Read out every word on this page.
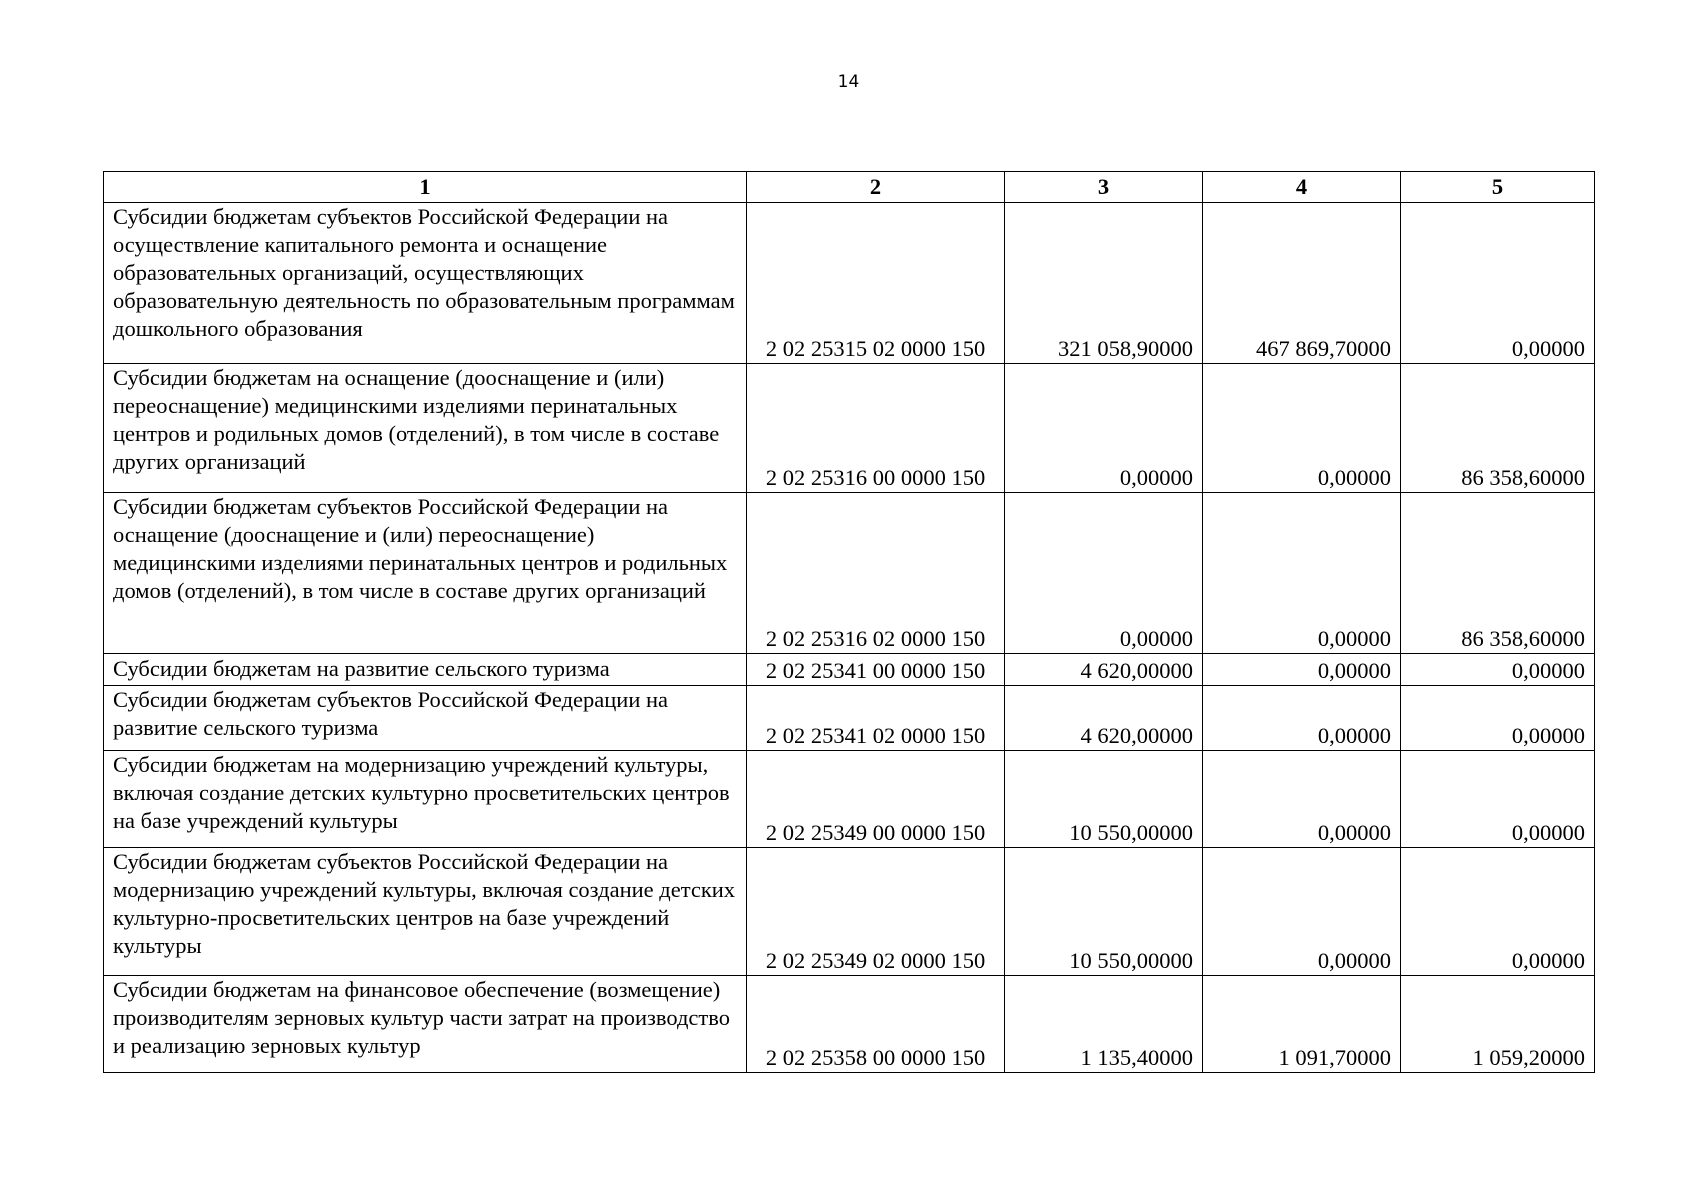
14
1	2	3	4	5
Субсидии бюджетам субъектов Российской Федерации на осуществление капитального ремонта и оснащение образовательных организаций, осуществляющих образовательную деятельность по образовательным программам дошкольного образования	2 02 25315 02 0000 150	321 058,90000	467 869,70000	0,00000
Субсидии бюджетам на оснащение (дооснащение и (или) переоснащение) медицинскими изделиями перинатальных центров и родильных домов (отделений), в том числе в составе других организаций	2 02 25316 00 0000 150	0,00000	0,00000	86 358,60000
Субсидии бюджетам субъектов Российской Федерации на оснащение (дооснащение и (или) переоснащение) медицинскими изделиями перинатальных центров и родильных домов (отделений), в том числе в составе других организаций	2 02 25316 02 0000 150	0,00000	0,00000	86 358,60000
Субсидии бюджетам на развитие сельского туризма	2 02 25341 00 0000 150	4 620,00000	0,00000	0,00000
Субсидии бюджетам субъектов Российской Федерации на развитие сельского туризма	2 02 25341 02 0000 150	4 620,00000	0,00000	0,00000
Субсидии бюджетам на модернизацию учреждений культуры, включая создание детских культурно просветительских центров на базе учреждений культуры	2 02 25349 00 0000 150	10 550,00000	0,00000	0,00000
Субсидии бюджетам субъектов Российской Федерации на модернизацию учреждений культуры, включая создание детских культурно-просветительских центров на базе учреждений культуры	2 02 25349 02 0000 150	10 550,00000	0,00000	0,00000
Субсидии бюджетам на финансовое обеспечение (возмещение) производителям зерновых культур части затрат на производство и реализацию зерновых культур	2 02 25358 00 0000 150	1 135,40000	1 091,70000	1 059,20000
